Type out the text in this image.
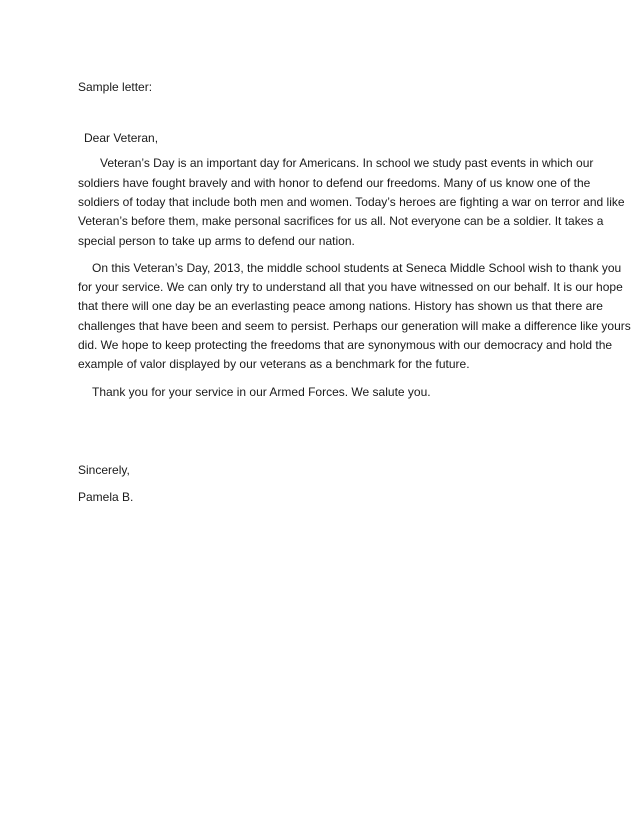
Sample letter:
Dear Veteran,
Veteran’s Day is an important day for Americans. In school we study past events in which our
soldiers have fought bravely and with honor to defend our freedoms. Many of us know one of the
soldiers of today that include both men and women. Today’s heroes are fighting a war on terror and like
Veteran’s before them, make personal sacrifices for us all. Not everyone can be a soldier. It takes a
special person to take up arms to defend our nation.
On this Veteran’s Day, 2013, the middle school students at Seneca Middle School wish to thank you
for your service. We can only try to understand all that you have witnessed on our behalf. It is our hope
that there will one day be an everlasting peace among nations. History has shown us that there are
challenges that have been and seem to persist. Perhaps our generation will make a difference like yours
did. We hope to keep protecting the freedoms that are synonymous with our democracy and hold the
example of valor displayed by our veterans as a benchmark for the future.
Thank you for your service in our Armed Forces. We salute you.
Sincerely,
Pamela B.
